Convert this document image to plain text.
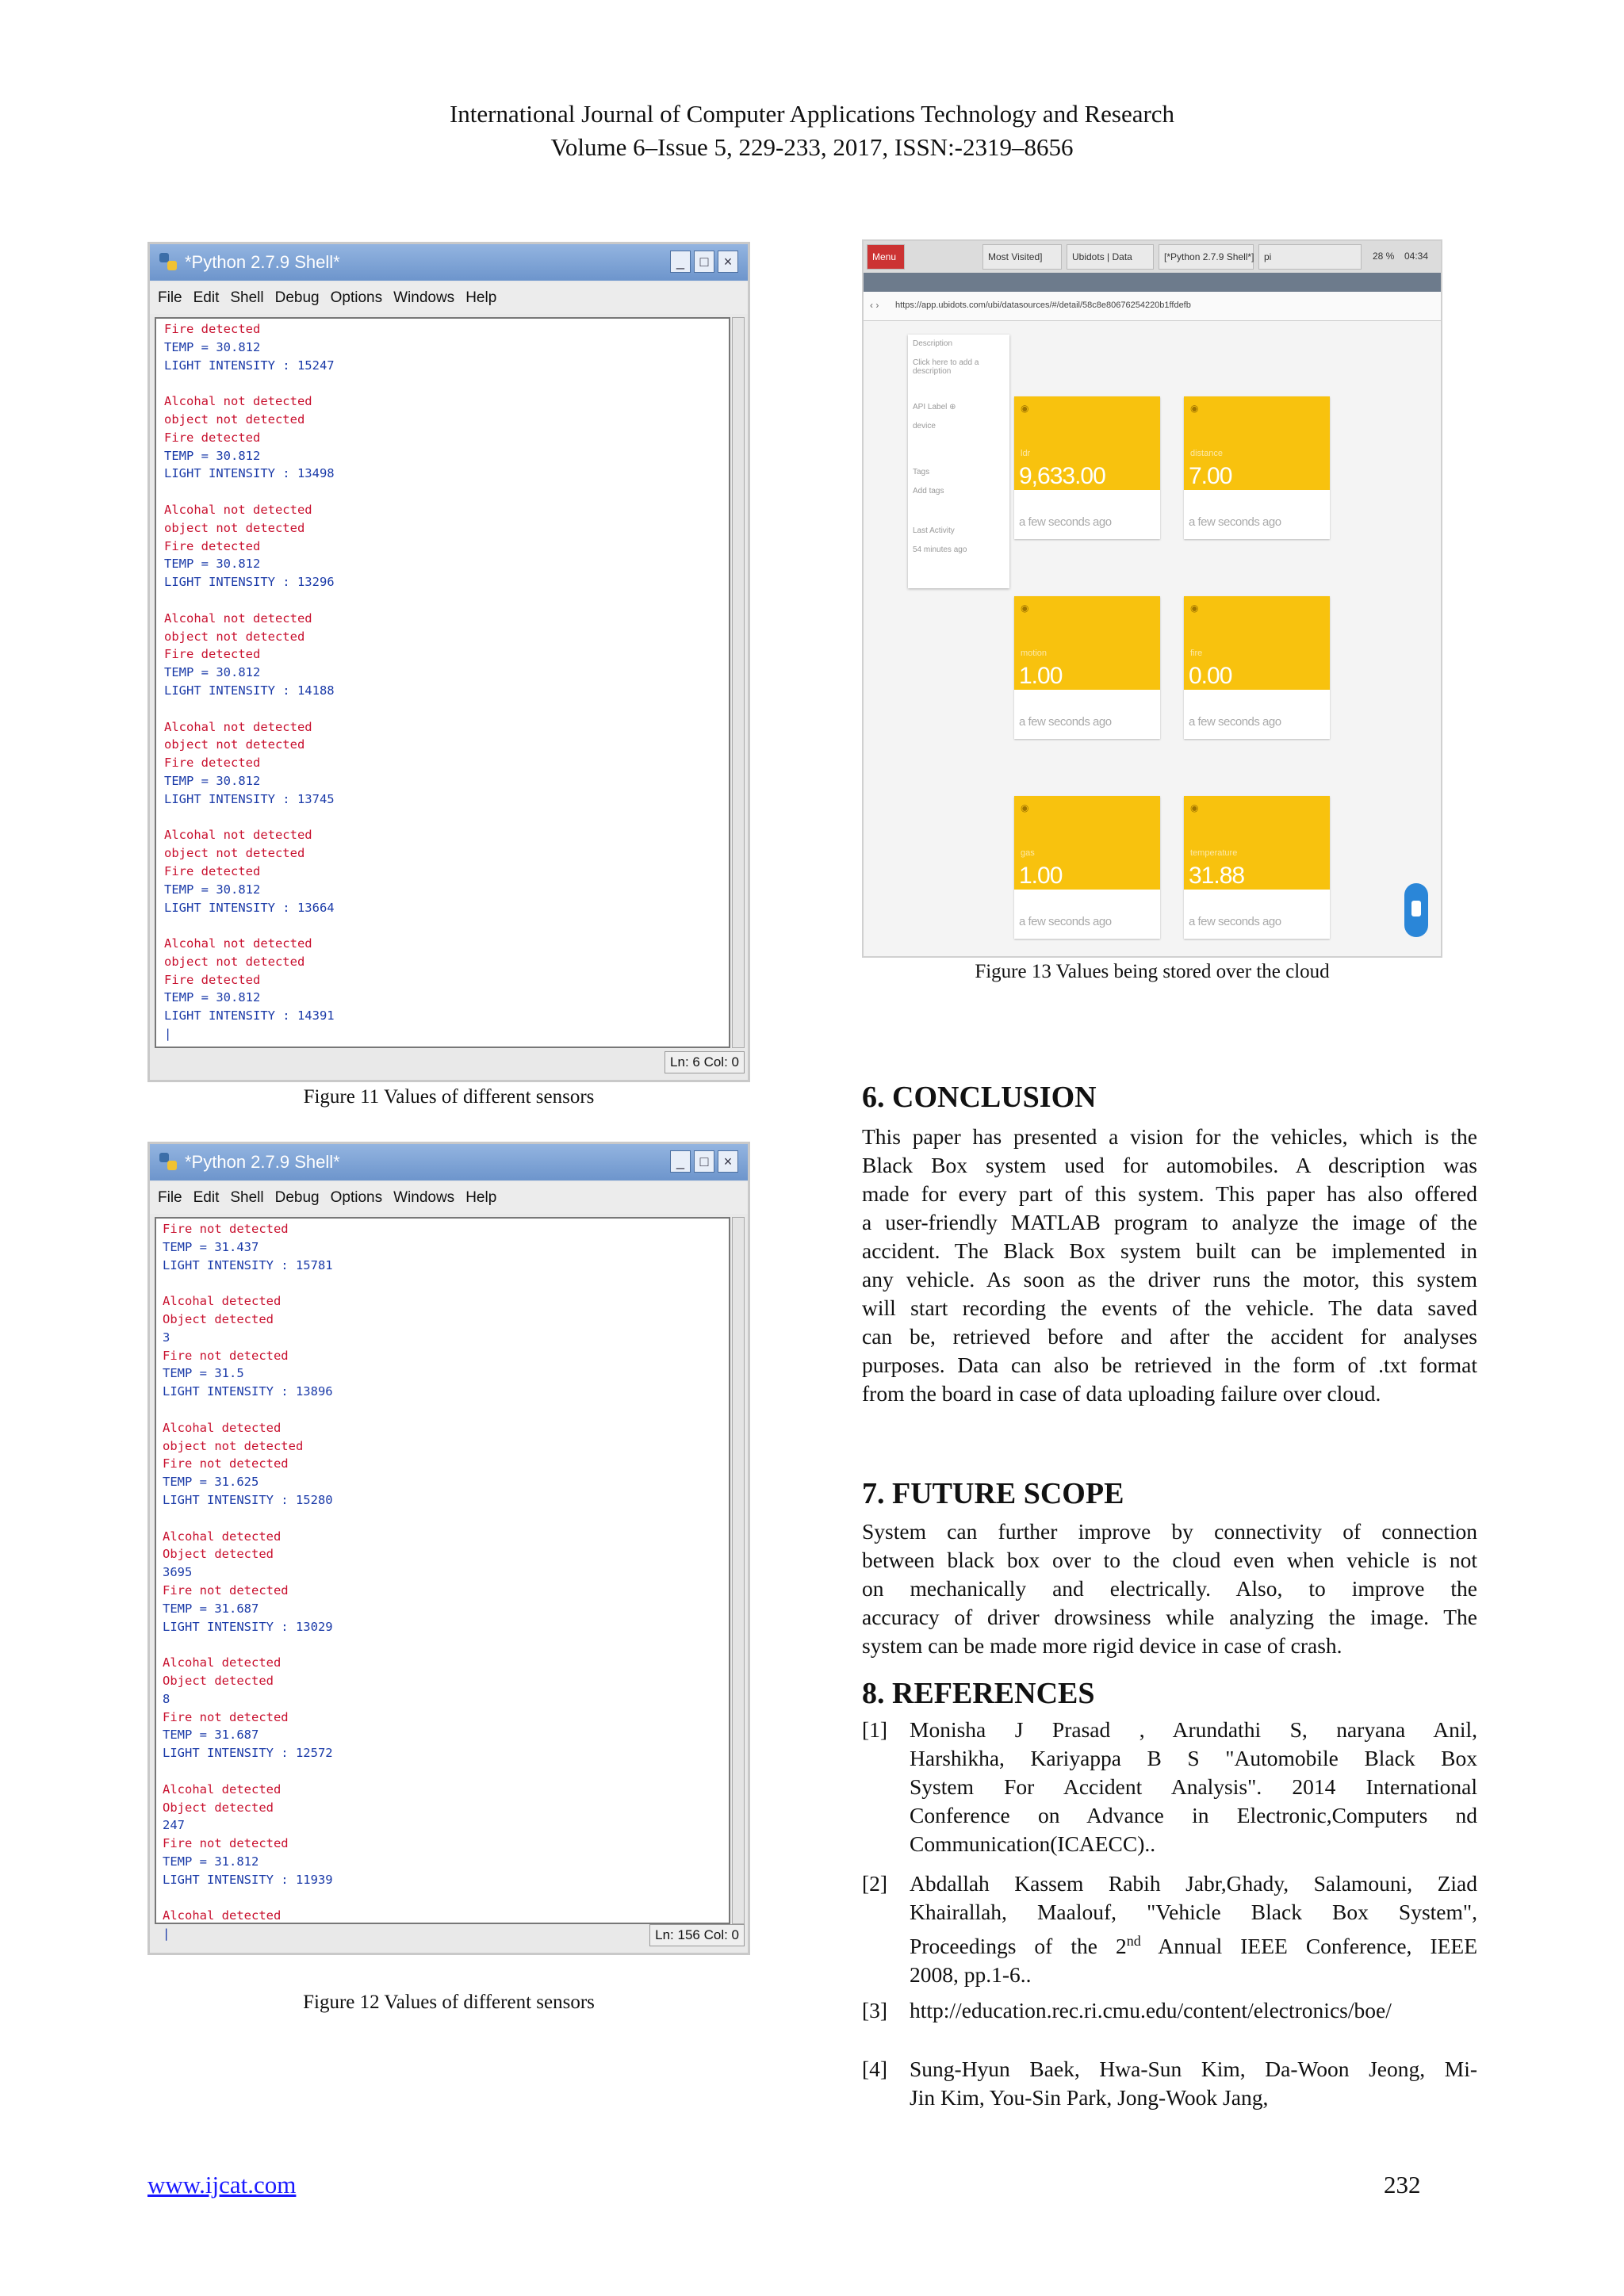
International Journal of Computer Applications Technology and Research
Volume 6–Issue 5, 229-233, 2017, ISSN:-2319–8656
*Python 2.7.9 Shell*	_	□	×
File Edit Shell Debug Options Windows Help
Fire detected
TEMP = 30.812
LIGHT INTENSITY : 15247
Alcohal not detected
object not detected
Fire detected
TEMP = 30.812
LIGHT INTENSITY : 13498
Alcohal not detected
object not detected
Fire detected
TEMP = 30.812
LIGHT INTENSITY : 13296
Alcohal not detected
object not detected
Fire detected
TEMP = 30.812
LIGHT INTENSITY : 14188
Alcohal not detected
object not detected
Fire detected
TEMP = 30.812
LIGHT INTENSITY : 13745
Alcohal not detected
object not detected
Fire detected
TEMP = 30.812
LIGHT INTENSITY : 13664
Alcohal not detected
object not detected
Fire detected
TEMP = 30.812
LIGHT INTENSITY : 14391
|
Ln: 6 Col: 0
Figure 11 Values of different sensors
*Python 2.7.9 Shell*	_	□	×
File Edit Shell Debug Options Windows Help
Fire not detected
TEMP = 31.437
LIGHT INTENSITY : 15781
Alcohal detected
Object detected
3
Fire not detected
TEMP = 31.5
LIGHT INTENSITY : 13896
Alcohal detected
object not detected
Fire not detected
TEMP = 31.625
LIGHT INTENSITY : 15280
Alcohal detected
Object detected
3695
Fire not detected
TEMP = 31.687
LIGHT INTENSITY : 13029
Alcohal detected
Object detected
8
Fire not detected
TEMP = 31.687
LIGHT INTENSITY : 12572
Alcohal detected
Object detected
247
Fire not detected
TEMP = 31.812
LIGHT INTENSITY : 11939
Alcohal detected
|	Ln: 156 Col: 0
Figure 12 Values of different sensors
Menu	Most Visited]	Ubidots | Data	[*Python 2.7.9 Shell*]	pi	28 %	04:34
‹ › https://app.ubidots.com/ubi/datasources/#/detail/58c8e80676254220b1ffdefb
Description
Click here to add a description
API Label ⊕
device
Tags
Add tags
Last Activity
54 minutes ago
◉
ldr
9,633.00
a few seconds ago
◉
distance
7.00
a few seconds ago
◉
motion
1.00
a few seconds ago
◉
fire
0.00
a few seconds ago
◉
gas
1.00
a few seconds ago
◉
temperature
31.88
a few seconds ago
Figure 13 Values being stored over the cloud
6. CONCLUSION
This paper has presented a vision for the vehicles, which is the
Black Box system used for automobiles. A description was
made for every part of this system. This paper has also offered
a user-friendly MATLAB program to analyze the image of the
accident. The Black Box system built can be implemented in
any vehicle. As soon as the driver runs the motor, this system
will start recording the events of the vehicle. The data saved
can be, retrieved before and after the accident for analyses
purposes. Data can also be retrieved in the form of .txt format
from the board in case of data uploading failure over cloud.
7. FUTURE SCOPE
System can further improve by connectivity of connection
between black box over to the cloud even when vehicle is not
on mechanically and electrically. Also, to improve the
accuracy of driver drowsiness while analyzing the image. The
system can be made more rigid device in case of crash.
8. REFERENCES
[1] Monisha J Prasad , Arundathi S, naryana Anil,
Harshikha, Kariyappa B S "Automobile Black Box
System For Accident Analysis". 2014 International
Conference on Advance in Electronic,Computers nd
Communication(ICAECC)..
[2] Abdallah Kassem Rabih Jabr,Ghady, Salamouni, Ziad
Khairallah, Maalouf, "Vehicle Black Box System",
Proceedings of the 2nd Annual IEEE Conference, IEEE
2008, pp.1-6..
[3] http://education.rec.ri.cmu.edu/content/electronics/boe/
[4] Sung-Hyun Baek, Hwa-Sun Kim, Da-Woon Jeong, Mi-
Jin Kim, You-Sin Park, Jong-Wook Jang,
www.ijcat.com	232
